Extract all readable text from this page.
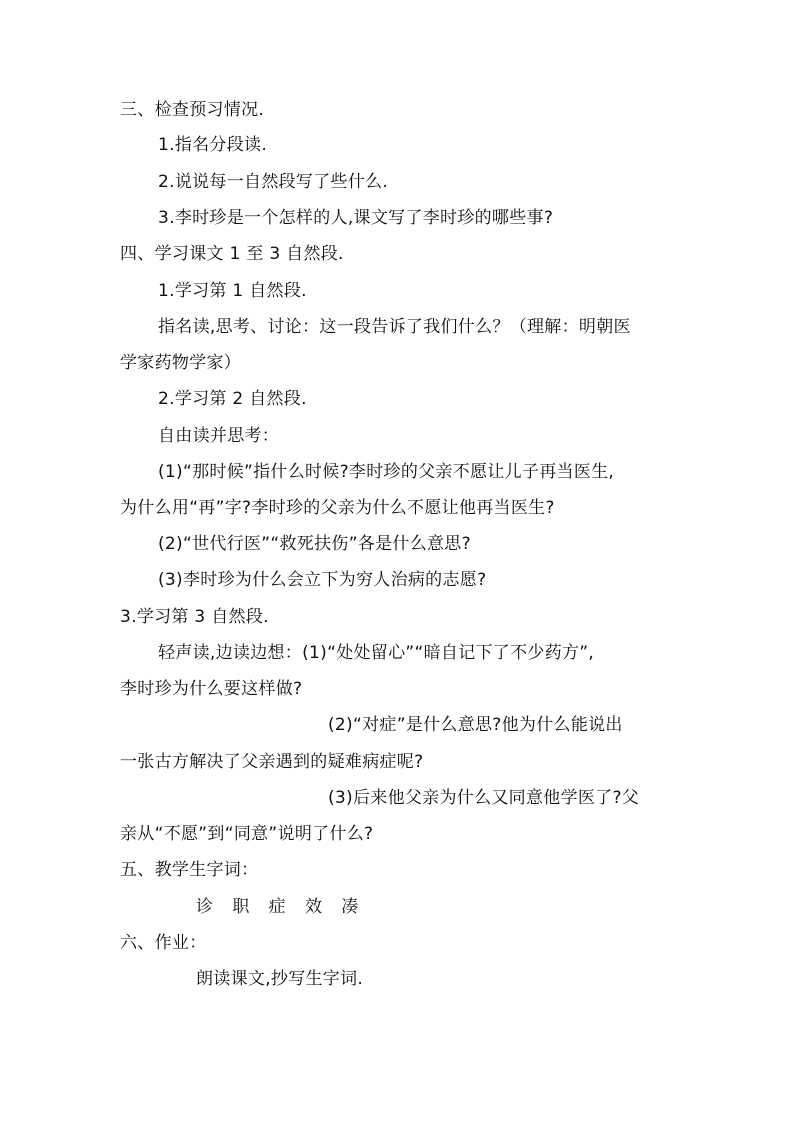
三、检查预习情况.
1.指名分段读.
2.说说每一自然段写了些什么.
3.李时珍是一个怎样的人,课文写了李时珍的哪些事?
四、学习课文 1 至 3 自然段.
1.学习第 1 自然段.
指名读,思考、讨论：这一段告诉了我们什么？（理解：明朝医
学家药物学家）
2.学习第 2 自然段.
自由读并思考：
(1)“那时候”指什么时候?李时珍的父亲不愿让儿子再当医生,
为什么用“再”字?李时珍的父亲为什么不愿让他再当医生?
(2)“世代行医”“救死扶伤”各是什么意思?
(3)李时珍为什么会立下为穷人治病的志愿?
3.学习第 3 自然段.
轻声读,边读边想：(1)“处处留心”“暗自记下了不少药方”,
李时珍为什么要这样做?
(2)“对症”是什么意思?他为什么能说出
一张古方解决了父亲遇到的疑难病症呢?
(3)后来他父亲为什么又同意他学医了?父
亲从“不愿”到“同意”说明了什么?
五、教学生字词：
诊 职 症 效 凑
六、作业：
朗读课文,抄写生字词.
